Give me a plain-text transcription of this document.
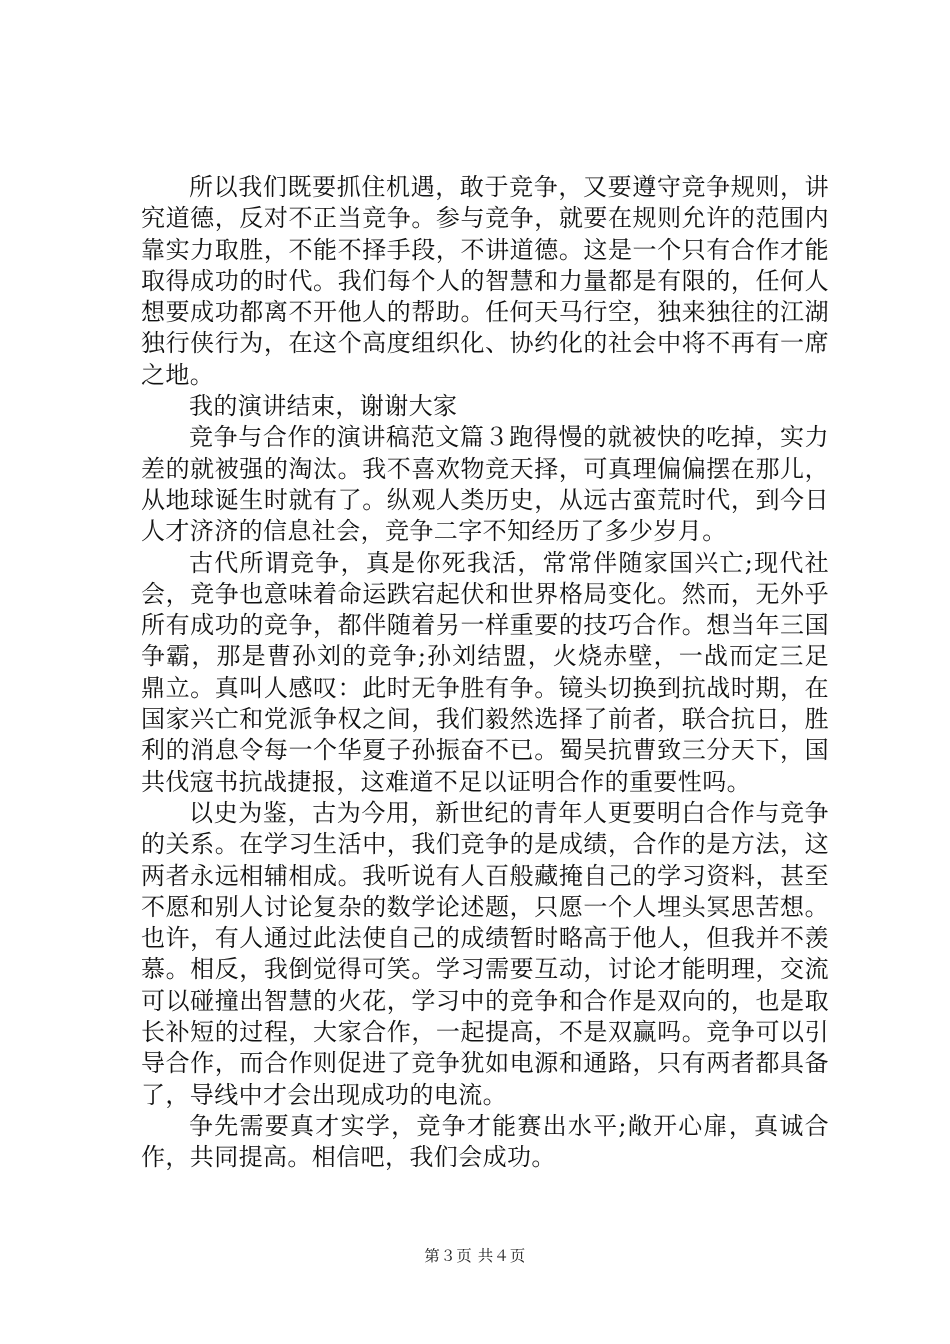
所以我们既要抓住机遇，敢于竞争，又要遵守竞争规则，讲究道德，反对不正当竞争。参与竞争，就要在规则允许的范围内靠实力取胜，不能不择手段，不讲道德。这是一个只有合作才能取得成功的时代。我们每个人的智慧和力量都是有限的，任何人想要成功都离不开他人的帮助。任何天马行空，独来独往的江湖独行侠行为，在这个高度组织化、协约化的社会中将不再有一席之地。

我的演讲结束，谢谢大家

竞争与合作的演讲稿范文篇３跑得慢的就被快的吃掉，实力差的就被强的淘汰。我不喜欢物竞天择，可真理偏偏摆在那儿，从地球诞生时就有了。纵观人类历史，从远古蛮荒时代，到今日人才济济的信息社会，竞争二字不知经历了多少岁月。

古代所谓竞争，真是你死我活，常常伴随家国兴亡;现代社会，竞争也意味着命运跌宕起伏和世界格局变化。然而，无外乎所有成功的竞争，都伴随着另一样重要的技巧合作。想当年三国争霸，那是曹孙刘的竞争;孙刘结盟，火烧赤壁，一战而定三足鼎立。真叫人感叹：此时无争胜有争。镜头切换到抗战时期，在国家兴亡和党派争权之间，我们毅然选择了前者，联合抗日，胜利的消息令每一个华夏子孙振奋不已。蜀吴抗曹致三分天下，国共伐寇书抗战捷报，这难道不足以证明合作的重要性吗。

以史为鉴，古为今用，新世纪的青年人更要明白合作与竞争的关系。在学习生活中，我们竞争的是成绩，合作的是方法，这两者永远相辅相成。我听说有人百般藏掩自己的学习资料，甚至不愿和别人讨论复杂的数学论述题，只愿一个人埋头冥思苦想。也许，有人通过此法使自己的成绩暂时略高于他人，但我并不羡慕。相反，我倒觉得可笑。学习需要互动，讨论才能明理，交流可以碰撞出智慧的火花，学习中的竞争和合作是双向的，也是取长补短的过程，大家合作，一起提高，不是双赢吗。竞争可以引导合作，而合作则促进了竞争犹如电源和通路，只有两者都具备了，导线中才会出现成功的电流。

争先需要真才实学，竞争才能赛出水平;敞开心扉，真诚合作，共同提高。相信吧，我们会成功。

第３页 共４页
